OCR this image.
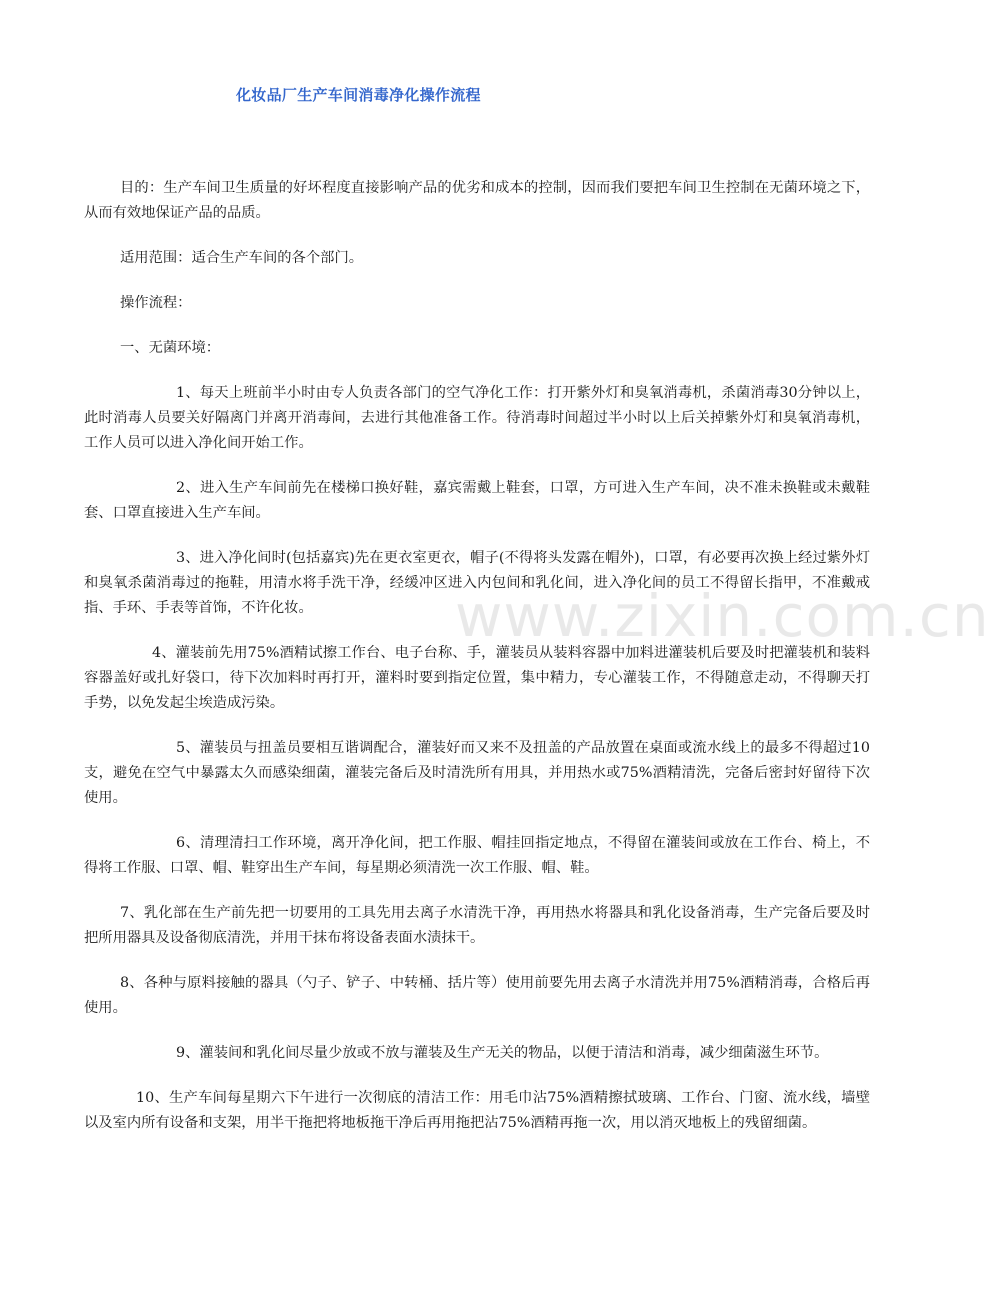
化妆品厂生产车间消毒净化操作流程

目的：生产车间卫生质量的好坏程度直接影响产品的优劣和成本的控制，因而我们要把车间卫生控制在无菌环境之下，从而有效地保证产品的品质。

适用范围：适合生产车间的各个部门。

操作流程：

一、无菌环境：

1、每天上班前半小时由专人负责各部门的空气净化工作：打开紫外灯和臭氧消毒机，杀菌消毒30分钟以上，此时消毒人员要关好隔离门并离开消毒间，去进行其他准备工作。待消毒时间超过半小时以上后关掉紫外灯和臭氧消毒机，工作人员可以进入净化间开始工作。

2、进入生产车间前先在楼梯口换好鞋，嘉宾需戴上鞋套，口罩，方可进入生产车间，决不准未换鞋或未戴鞋套、口罩直接进入生产车间。

3、进入净化间时(包括嘉宾)先在更衣室更衣，帽子(不得将头发露在帽外)，口罩，有必要再次换上经过紫外灯和臭氧杀菌消毒过的拖鞋，用清水将手洗干净，经缓冲区进入内包间和乳化间，进入净化间的员工不得留长指甲，不准戴戒指、手环、手表等首饰，不许化妆。

4、灌装前先用75%酒精试擦工作台、电子台称、手，灌装员从装料容器中加料进灌装机后要及时把灌装机和装料容器盖好或扎好袋口，待下次加料时再打开，灌料时要到指定位置，集中精力，专心灌装工作，不得随意走动，不得聊天打手势，以免发起尘埃造成污染。

5、灌装员与扭盖员要相互谐调配合，灌装好而又来不及扭盖的产品放置在桌面或流水线上的最多不得超过10支，避免在空气中暴露太久而感染细菌，灌装完备后及时清洗所有用具，并用热水或75%酒精清洗，完备后密封好留待下次使用。

6、清理清扫工作环境，离开净化间，把工作服、帽挂回指定地点，不得留在灌装间或放在工作台、椅上，不得将工作服、口罩、帽、鞋穿出生产车间，每星期必须清洗一次工作服、帽、鞋。

7、乳化部在生产前先把一切要用的工具先用去离子水清洗干净，再用热水将器具和乳化设备消毒，生产完备后要及时把所用器具及设备彻底清洗，并用干抹布将设备表面水渍抹干。

8、各种与原料接触的器具（勺子、铲子、中转桶、括片等）使用前要先用去离子水清洗并用75%酒精消毒，合格后再使用。

9、灌装间和乳化间尽量少放或不放与灌装及生产无关的物品，以便于清洁和消毒，减少细菌滋生环节。

10、生产车间每星期六下午进行一次彻底的清洁工作：用毛巾沾75%酒精擦拭玻璃、工作台、门窗、流水线，墙壁以及室内所有设备和支架，用半干拖把将地板拖干净后再用拖把沾75%酒精再拖一次，用以消灭地板上的残留细菌。

www.zixin.com.cn
